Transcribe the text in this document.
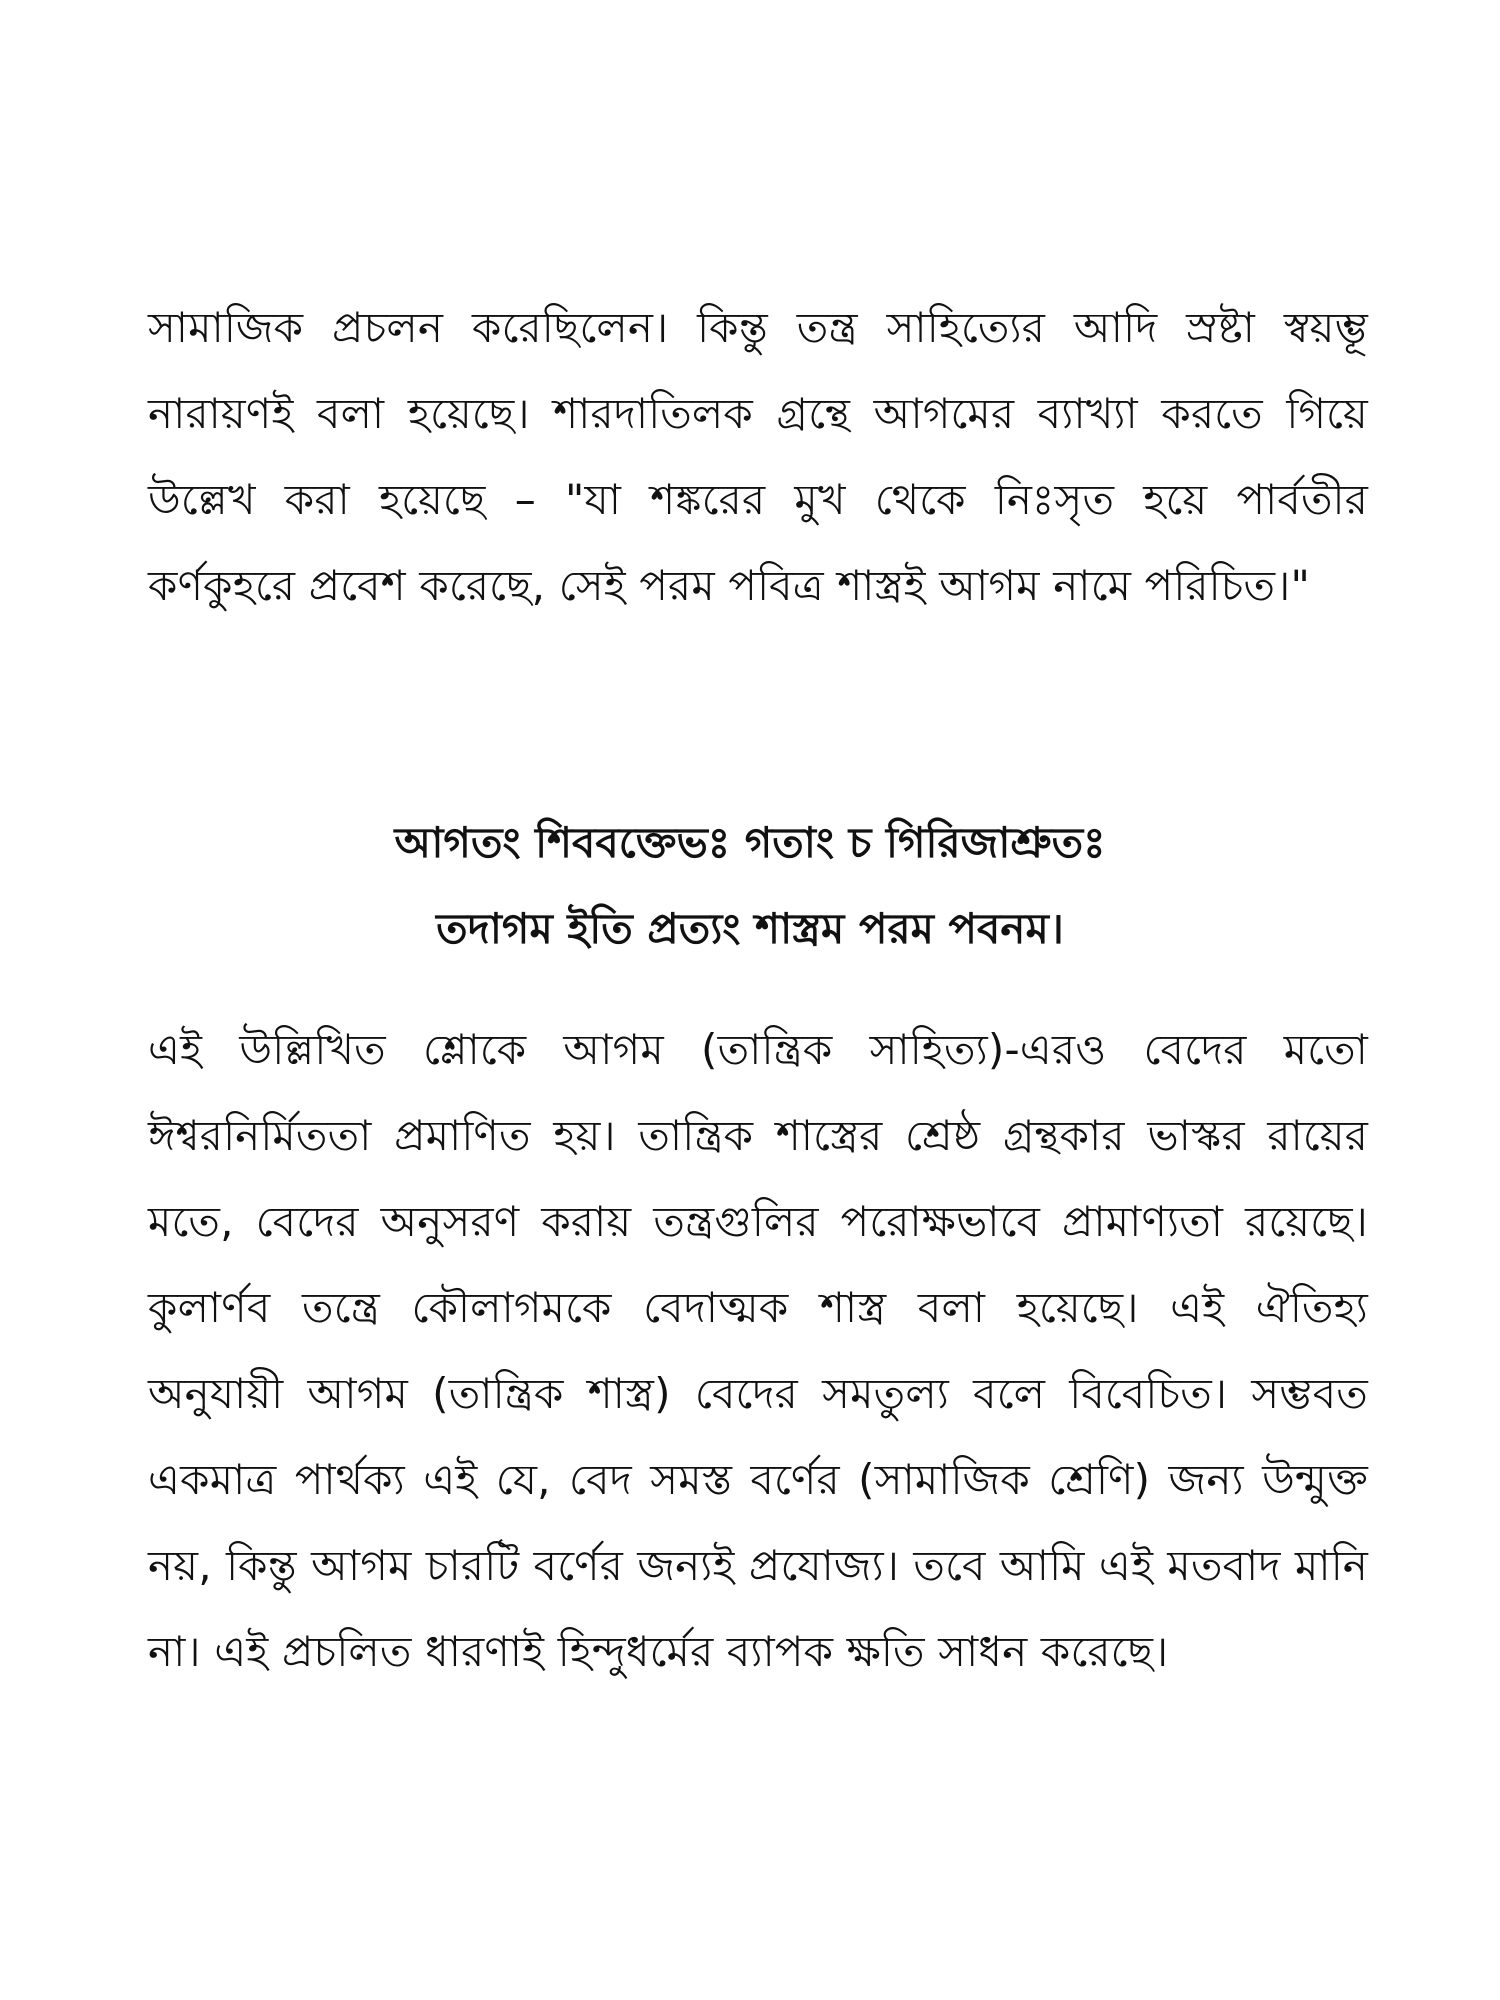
সামাজিক প্রচলন করেছিলেন। কিন্তু তন্ত্র সাহিত্যের আদি স্রষ্টা স্বয়ম্ভূ নারায়ণই বলা হয়েছে। শারদাতিলক গ্রন্থে আগমের ব্যাখ্যা করতে গিয়ে উল্লেখ করা হয়েছে – "যা শঙ্করের মুখ থেকে নিঃসৃত হয়ে পার্বতীর কর্ণকুহরে প্রবেশ করেছে, সেই পরম পবিত্র শাস্ত্রই আগম নামে পরিচিত।"

আগতং শিববক্তেভঃ গতাং চ গিরিজাশ্রুতঃ
তদাগম ইতি প্রত্যং শাস্ত্রম পরম পবনম।

এই উল্লিখিত শ্লোকে আগম (তান্ত্রিক সাহিত্য)-এরও বেদের মতো ঈশ্বরনির্মিততা প্রমাণিত হয়। তান্ত্রিক শাস্ত্রের শ্রেষ্ঠ গ্রন্থকার ভাস্কর রায়ের মতে, বেদের অনুসরণ করায় তন্ত্রগুলির পরোক্ষভাবে প্রামাণ্যতা রয়েছে। কুলার্ণব তন্ত্রে কৌলাগমকে বেদাত্মক শাস্ত্র বলা হয়েছে। এই ঐতিহ্য অনুযায়ী আগম (তান্ত্রিক শাস্ত্র) বেদের সমতুল্য বলে বিবেচিত। সম্ভবত একমাত্র পার্থক্য এই যে, বেদ সমস্ত বর্ণের (সামাজিক শ্রেণি) জন্য উন্মুক্ত নয়, কিন্তু আগম চারটি বর্ণের জন্যই প্রযোজ্য। তবে আমি এই মতবাদ মানি না। এই প্রচলিত ধারণাই হিন্দুধর্মের ব্যাপক ক্ষতি সাধন করেছে।
